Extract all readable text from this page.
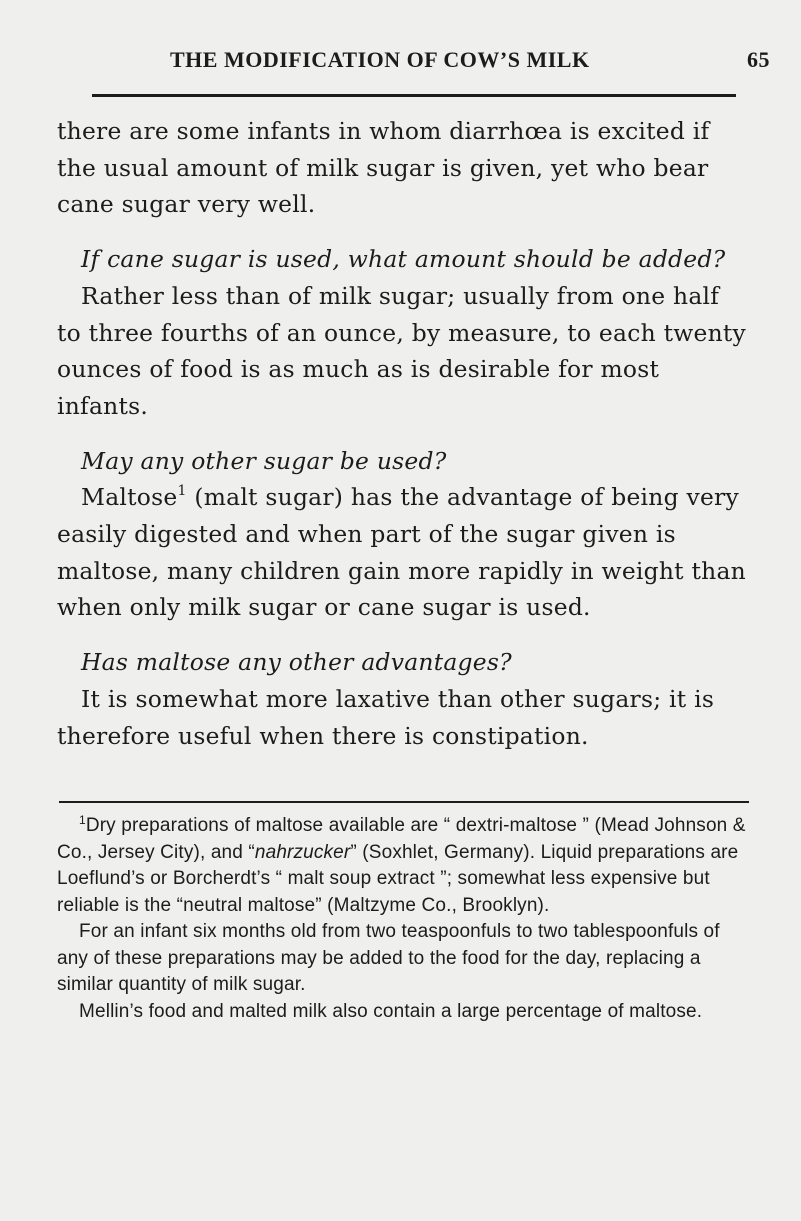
THE MODIFICATION OF COW’S MILK	65

there are some infants in whom diarrhœa is excited if the usual amount of milk sugar is given, yet who bear cane sugar very well.

If cane sugar is used, what amount should be added?

Rather less than of milk sugar; usually from one half to three fourths of an ounce, by measure, to each twenty ounces of food is as much as is desirable for most infants.

May any other sugar be used?

Maltose$^1$ (malt sugar) has the advantage of being very easily digested and when part of the sugar given is maltose, many children gain more rapidly in weight than when only milk sugar or cane sugar is used.

Has maltose any other advantages?

It is somewhat more laxative than other sugars; it is therefore useful when there is constipation.

$^1$Dry preparations of maltose available are “ dextri-maltose ” (Mead Johnson & Co., Jersey City), and “nahrzucker” (Soxhlet, Germany). Liquid preparations are Loeflund’s or Borcherdt’s “ malt soup extract ”; somewhat less expensive but reliable is the “neutral maltose” (Maltzyme Co., Brooklyn).

For an infant six months old from two teaspoonfuls to two tablespoonfuls of any of these preparations may be added to the food for the day, replacing a similar quantity of milk sugar.

Mellin’s food and malted milk also contain a large percentage of maltose.
